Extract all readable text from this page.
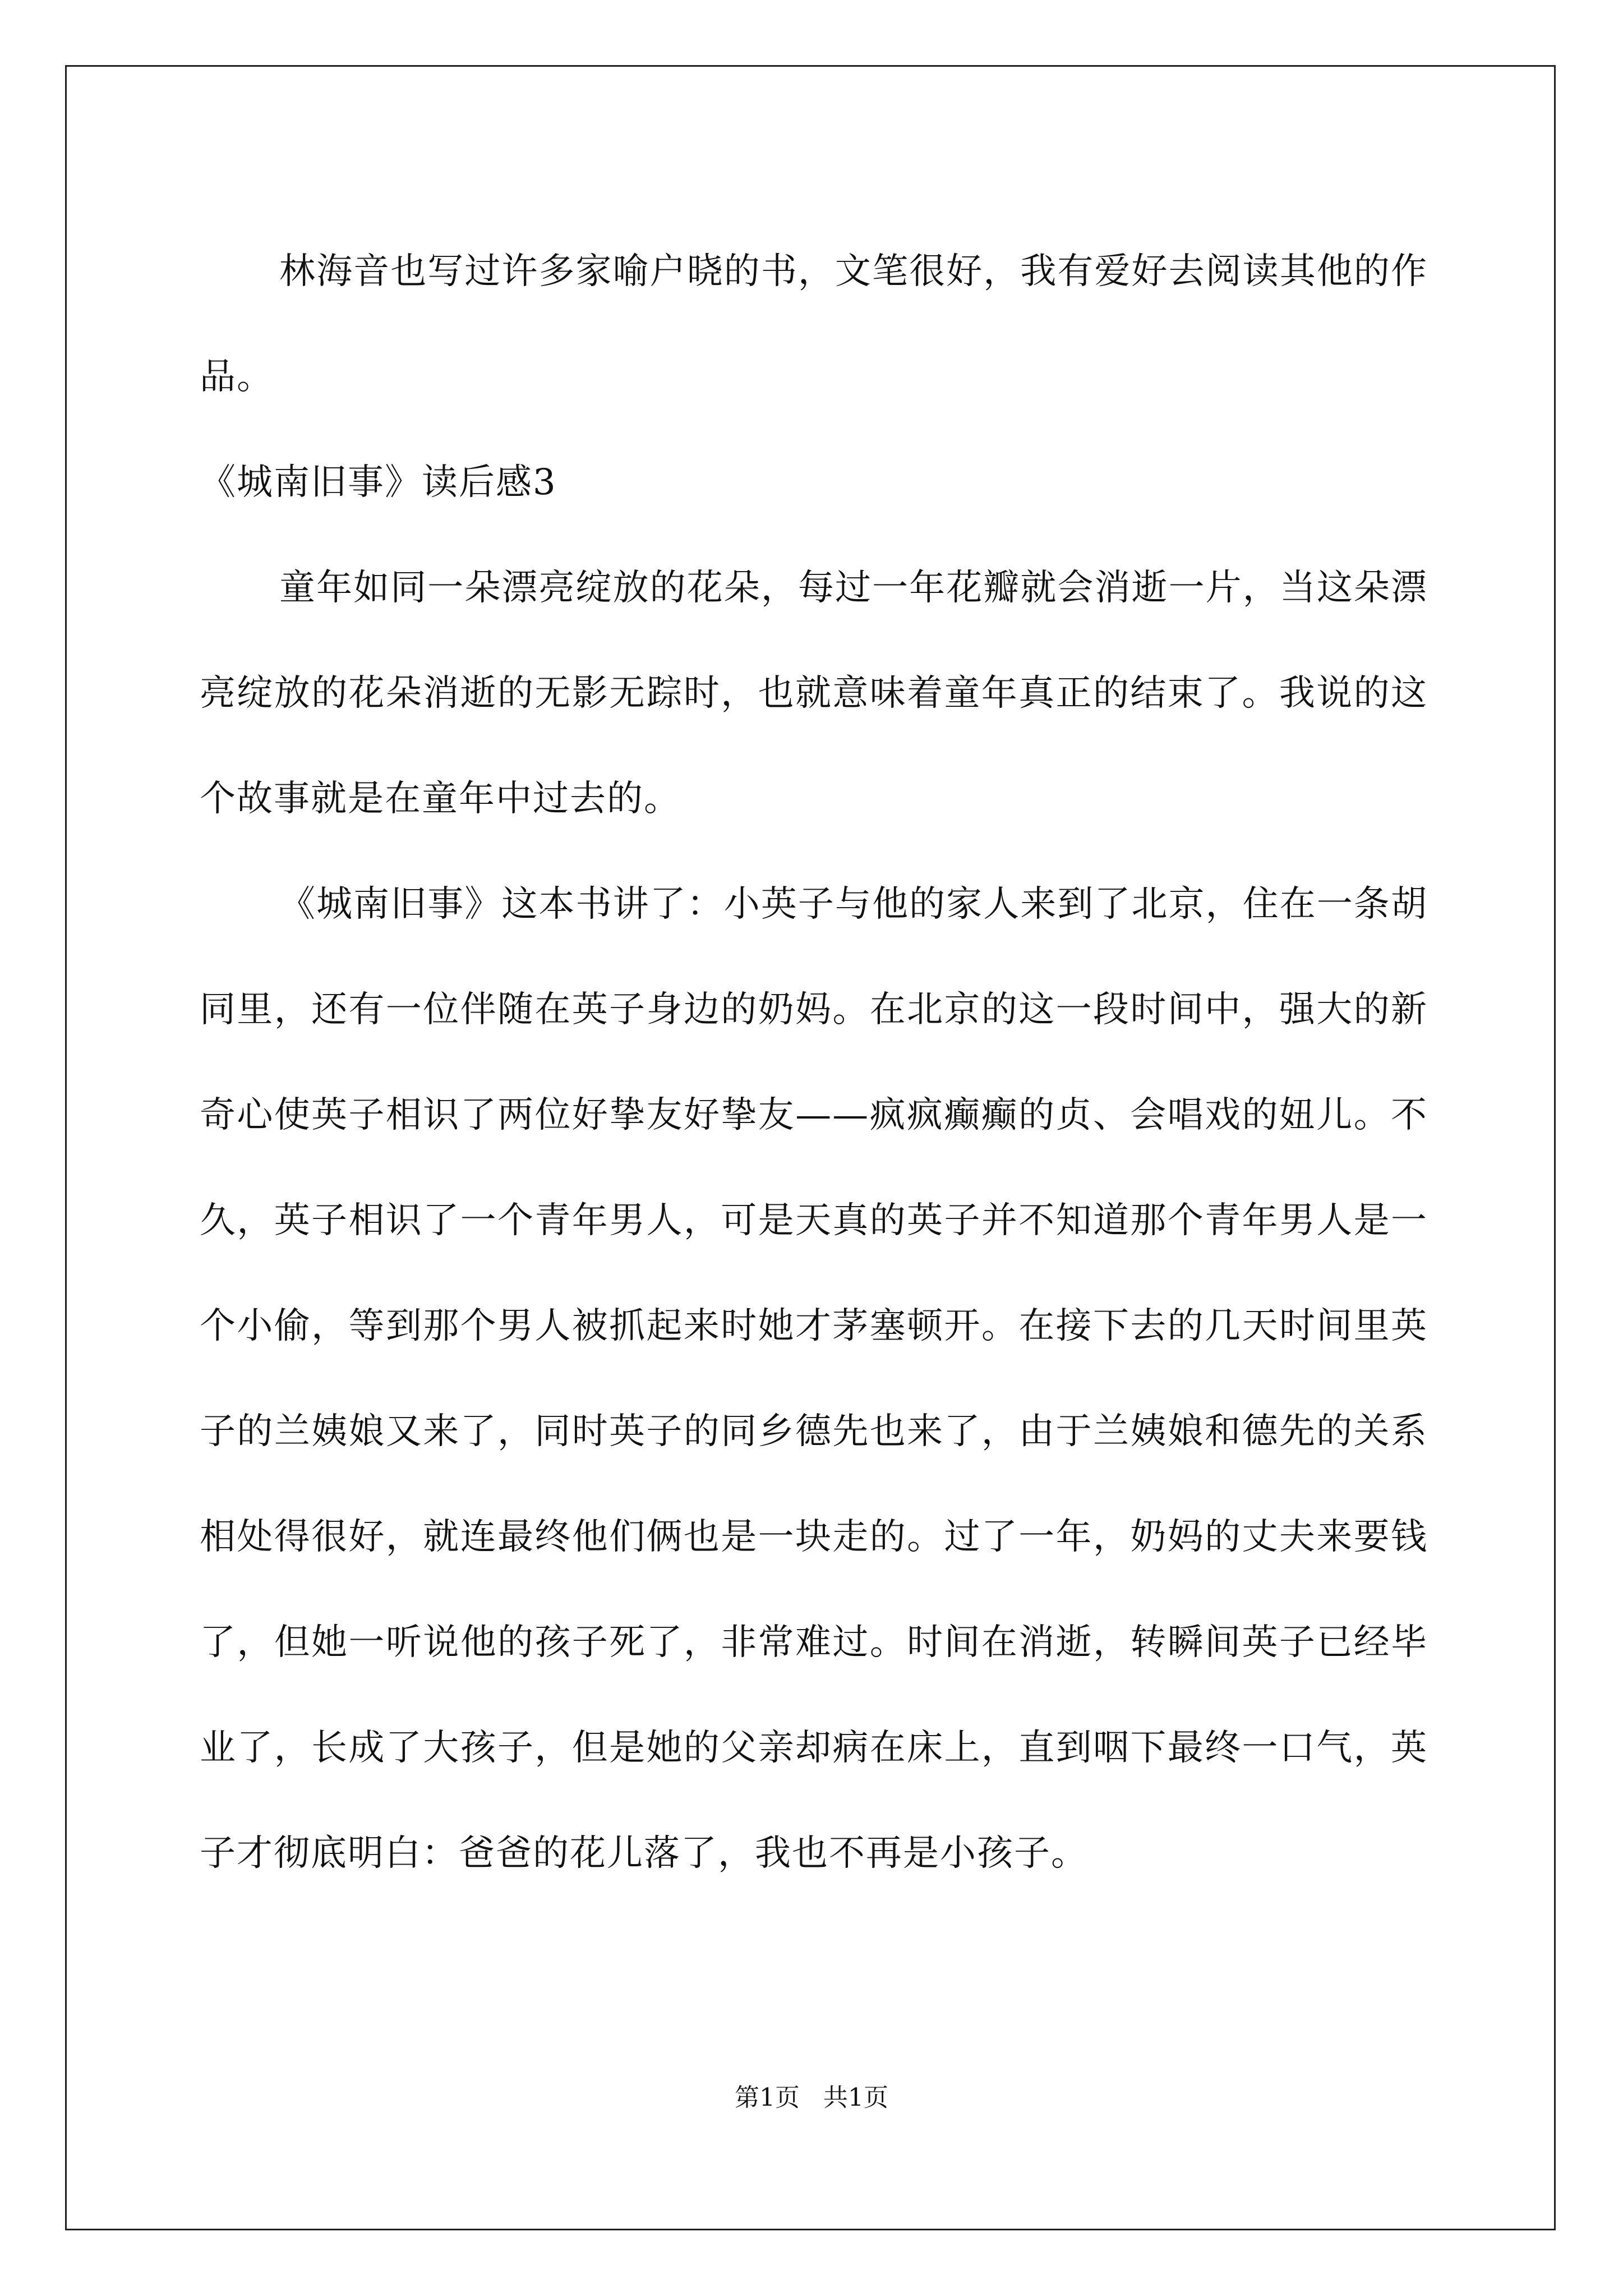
林海音也写过许多家喻户晓的书，文笔很好，我有爱好去阅读其他的作品。

《城南旧事》读后感3

童年如同一朵漂亮绽放的花朵，每过一年花瓣就会消逝一片，当这朵漂亮绽放的花朵消逝的无影无踪时，也就意味着童年真正的结束了。我说的这个故事就是在童年中过去的。

《城南旧事》这本书讲了：小英子与他的家人来到了北京，住在一条胡同里，还有一位伴随在英子身边的奶妈。在北京的这一段时间中，强大的新奇心使英子相识了两位好挚友好挚友——疯疯癫癫的贞、会唱戏的妞儿。不久，英子相识了一个青年男人，可是天真的英子并不知道那个青年男人是一个小偷，等到那个男人被抓起来时她才茅塞顿开。在接下去的几天时间里英子的兰姨娘又来了，同时英子的同乡德先也来了，由于兰姨娘和德先的关系相处得很好，就连最终他们俩也是一块走的。过了一年，奶妈的丈夫来要钱了，但她一听说他的孩子死了，非常难过。时间在消逝，转瞬间英子已经毕业了，长成了大孩子，但是她的父亲却病在床上，直到咽下最终一口气，英子才彻底明白：爸爸的花儿落了，我也不再是小孩子。

第1页 共1页
